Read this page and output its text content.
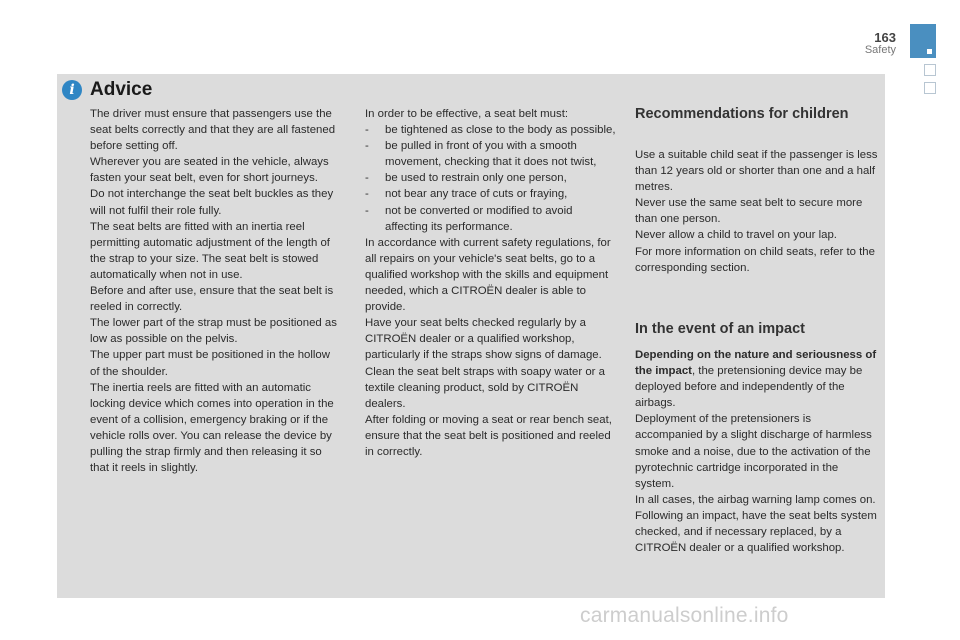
163
Safety
i Advice

The driver must ensure that passengers use the seat belts correctly and that they are all fastened before setting off.

Wherever you are seated in the vehicle, always fasten your seat belt, even for short journeys.

Do not interchange the seat belt buckles as they will not fulfil their role fully.

The seat belts are fitted with an inertia reel permitting automatic adjustment of the length of the strap to your size. The seat belt is stowed automatically when not in use.

Before and after use, ensure that the seat belt is reeled in correctly.

The lower part of the strap must be positioned as low as possible on the pelvis.

The upper part must be positioned in the hollow of the shoulder.

The inertia reels are fitted with an automatic locking device which comes into operation in the event of a collision, emergency braking or if the vehicle rolls over. You can release the device by pulling the strap firmly and then releasing it so that it reels in slightly.

In order to be effective, a seat belt must:

-	be tightened as close to the body as possible,
-	be pulled in front of you with a smooth movement, checking that it does not twist,
-	be used to restrain only one person,
-	not bear any trace of cuts or fraying,
-	not be converted or modified to avoid affecting its performance.

In accordance with current safety regulations, for all repairs on your vehicle's seat belts, go to a qualified workshop with the skills and equipment needed, which a CITROËN dealer is able to provide.

Have your seat belts checked regularly by a CITROËN dealer or a qualified workshop, particularly if the straps show signs of damage.

Clean the seat belt straps with soapy water or a textile cleaning product, sold by CITROËN dealers.

After folding or moving a seat or rear bench seat, ensure that the seat belt is positioned and reeled in correctly.

Recommendations for children

Use a suitable child seat if the passenger is less than 12 years old or shorter than one and a half metres.

Never use the same seat belt to secure more than one person.

Never allow a child to travel on your lap.

For more information on child seats, refer to the corresponding section.

In the event of an impact

Depending on the nature and seriousness of the impact, the pretensioning device may be deployed before and independently of the airbags.

Deployment of the pretensioners is accompanied by a slight discharge of harmless smoke and a noise, due to the activation of the pyrotechnic cartridge incorporated in the system.

In all cases, the airbag warning lamp comes on.

Following an impact, have the seat belts system checked, and if necessary replaced, by a CITROËN dealer or a qualified workshop.

carmanualsonline.info
